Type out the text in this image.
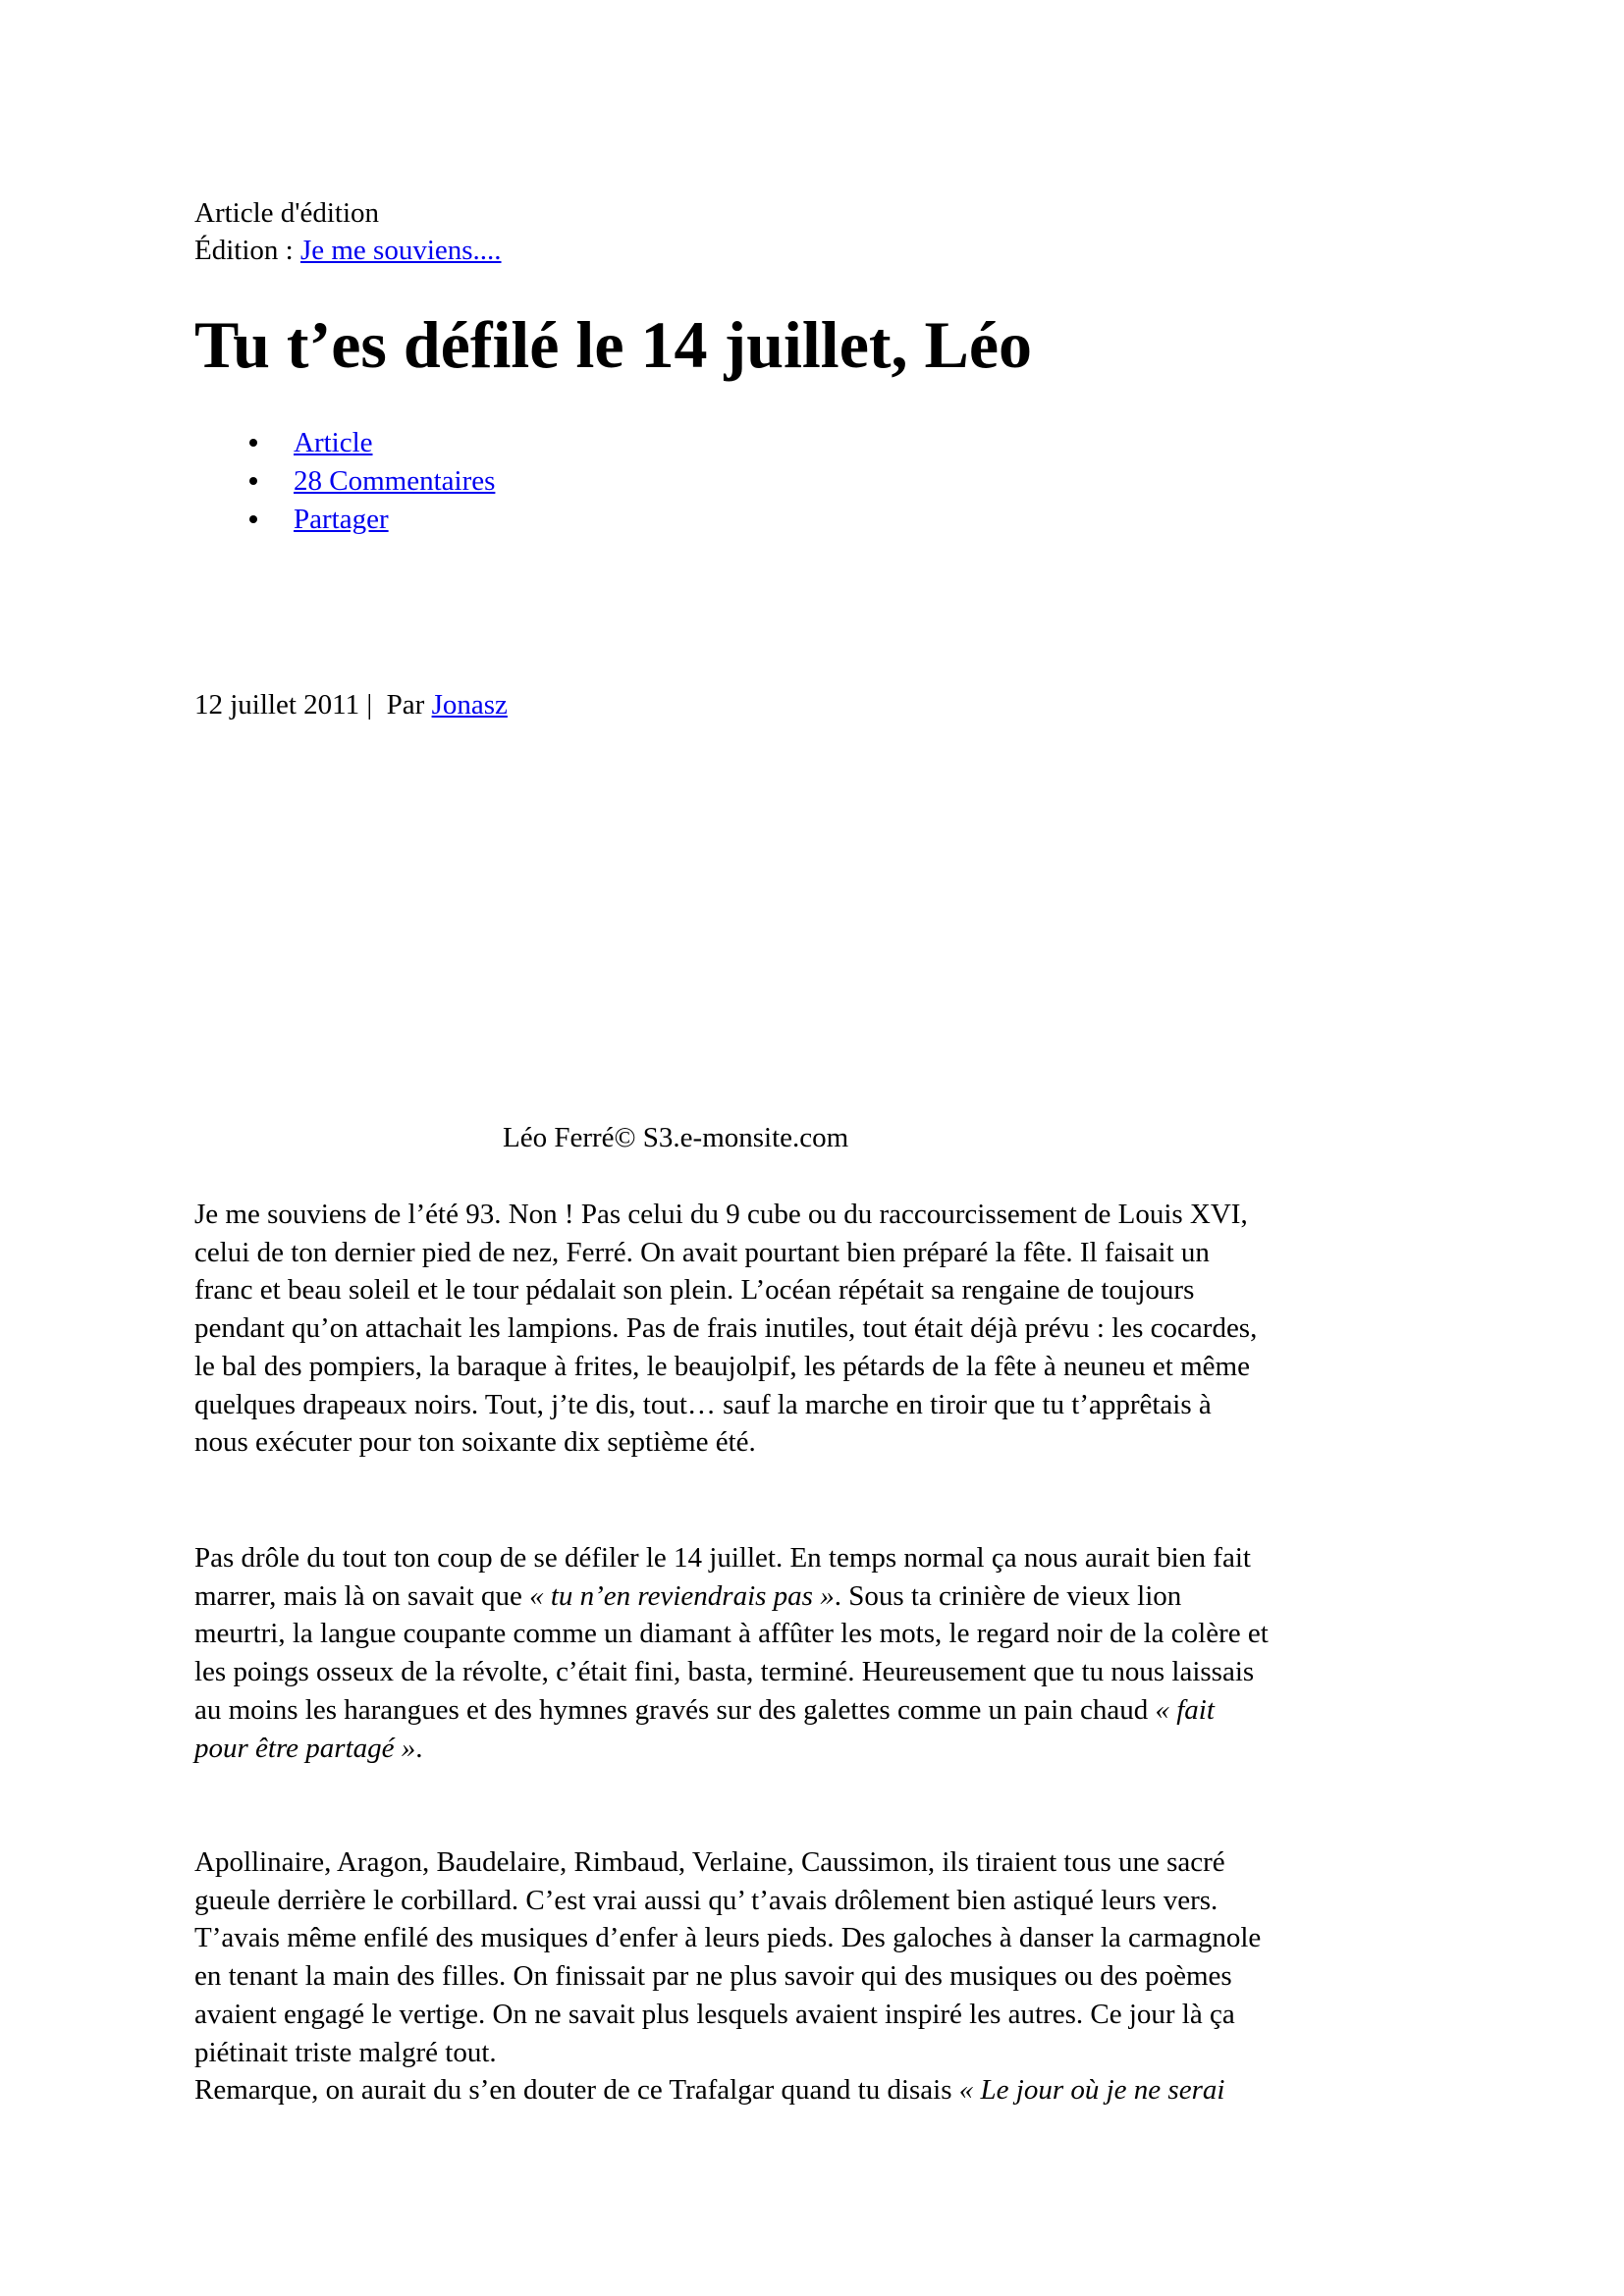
Article d'édition
Édition : Je me souviens....
Tu t’es défilé le 14 juillet, Léo
Article
28 Commentaires
Partager
12 juillet 2011 |  Par Jonasz
Léo Ferré© S3.e-monsite.com
Je me souviens de l’été 93. Non ! Pas celui du 9 cube ou du raccourcissement de Louis XVI,
celui de ton dernier pied de nez, Ferré. On avait pourtant bien préparé la fête. Il faisait un
franc et beau soleil et le tour pédalait son plein. L’océan répétait sa rengaine de toujours
pendant qu’on attachait les lampions. Pas de frais inutiles, tout était déjà prévu : les cocardes,
le bal des pompiers, la baraque à frites, le beaujolpif, les pétards de la fête à neuneu et même
quelques drapeaux noirs. Tout, j’te dis, tout… sauf la marche en tiroir que tu t’apprêtais à
nous exécuter pour ton soixante dix septième été.
Pas drôle du tout ton coup de se défiler le 14 juillet. En temps normal ça nous aurait bien fait
marrer, mais là on savait que « tu n’en reviendrais pas ». Sous ta crinière de vieux lion
meurtri, la langue coupante comme un diamant à affûter les mots, le regard noir de la colère et
les poings osseux de la révolte, c’était fini, basta, terminé. Heureusement que tu nous laissais
au moins les harangues et des hymnes gravés sur des galettes comme un pain chaud « fait
pour être partagé ».
Apollinaire, Aragon, Baudelaire, Rimbaud, Verlaine, Caussimon, ils tiraient tous une sacré
gueule derrière le corbillard. C’est vrai aussi qu’ t’avais drôlement bien astiqué leurs vers.
T’avais même enfilé des musiques d’enfer à leurs pieds. Des galoches à danser la carmagnole
en tenant la main des filles. On finissait par ne plus savoir qui des musiques ou des poèmes
avaient engagé le vertige. On ne savait plus lesquels avaient inspiré les autres. Ce jour là ça
piétinait triste malgré tout.
Remarque, on aurait du s’en douter de ce Trafalgar quand tu disais « Le jour où je ne serai
